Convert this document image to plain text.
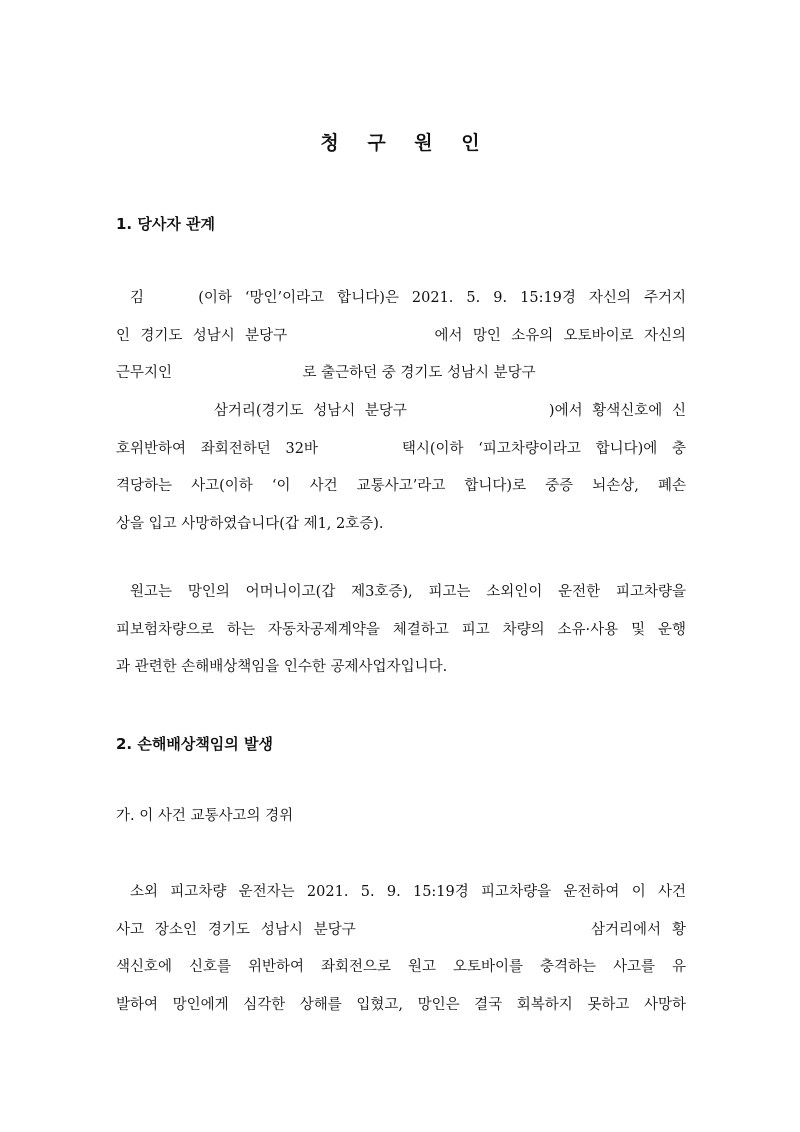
청 구 원 인
1. 당사자 관계
김　　(이하 ‘망인’이라고 합니다)은 2021. 5. 9. 15:19경 자신의 주거지
인 경기도 성남시 분당구　　　　　　　에서 망인 소유의 오토바이로 자신의
근무지인　　　　　　　　　로 출근하던 중 경기도 성남시 분당구
　　　　　삼거리(경기도 성남시 분당구　　　　　　　)에서 황색신호에 신
호위반하여 좌회전하던 32바　　　택시(이하 ‘피고차량이라고 합니다)에 충
격당하는 사고(이하 ‘이 사건 교통사고’라고 합니다)로 중증 뇌손상, 폐손
상을 입고 사망하였습니다(갑 제1, 2호증).
원고는 망인의 어머니이고(갑 제3호증), 피고는 소외인이 운전한 피고차량을
피보험차량으로 하는 자동차공제계약을 체결하고 피고 차량의 소유·사용 및 운행
과 관련한 손해배상책임을 인수한 공제사업자입니다.
2. 손해배상책임의 발생
가. 이 사건 교통사고의 경위
소외 피고차량 운전자는 2021. 5. 9. 15:19경 피고차량을 운전하여 이 사건
사고 장소인 경기도 성남시 분당구　　　　　　　　　　　삼거리에서 황
색신호에 신호를 위반하여 좌회전으로 원고 오토바이를 충격하는 사고를 유
발하여 망인에게 심각한 상해를 입혔고, 망인은 결국 회복하지 못하고 사망하
